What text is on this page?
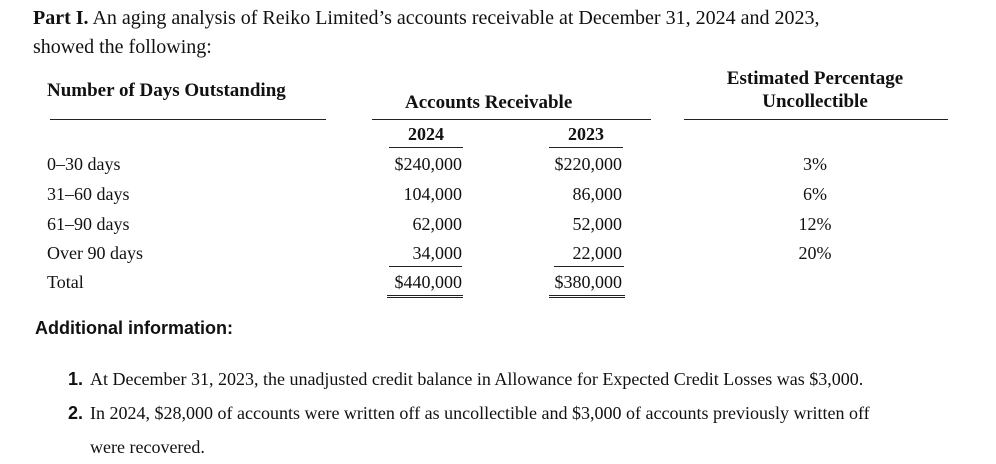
Part I. An aging analysis of Reiko Limited’s accounts receivable at December 31, 2024 and 2023,
showed the following:
Number of Days Outstanding
Accounts Receivable
Estimated Percentage
Uncollectible
2024	2023
0–30 days	$240,000	$220,000	3%
31–60 days	104,000	86,000	6%
61–90 days	62,000	52,000	12%
Over 90 days	34,000	22,000	20%
Total	$440,000	$380,000
Additional information:
1. At December 31, 2023, the unadjusted credit balance in Allowance for Expected Credit Losses was $3,000.
2. In 2024, $28,000 of accounts were written off as uncollectible and $3,000 of accounts previously written off
were recovered.
